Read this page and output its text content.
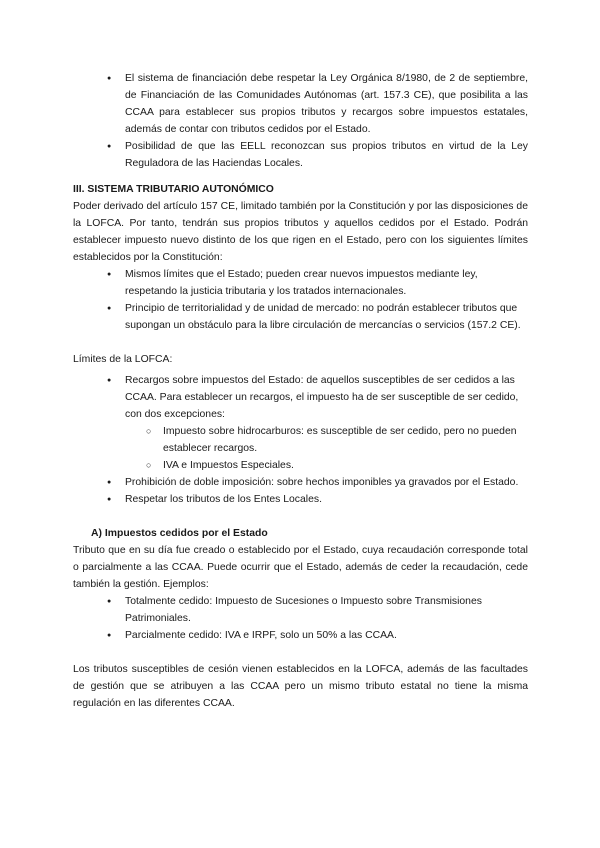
● El sistema de financiación debe respetar la Ley Orgánica 8/1980, de 2 de septiembre, de Financiación de las Comunidades Autónomas (art. 157.3 CE), que posibilita a las CCAA para establecer sus propios tributos y recargos sobre impuestos estatales, además de contar con tributos cedidos por el Estado.
● Posibilidad de que las EELL reconozcan sus propios tributos en virtud de la Ley Reguladora de las Haciendas Locales.

III. SISTEMA TRIBUTARIO AUTONÓMICO

Poder derivado del artículo 157 CE, limitado también por la Constitución y por las disposiciones de la LOFCA. Por tanto, tendrán sus propios tributos y aquellos cedidos por el Estado. Podrán establecer impuesto nuevo distinto de los que rigen en el Estado, pero con los siguientes límites establecidos por la Constitución:

● Mismos límites que el Estado; pueden crear nuevos impuestos mediante ley, respetando la justicia tributaria y los tratados internacionales.
● Principio de territorialidad y de unidad de mercado: no podrán establecer tributos que supongan un obstáculo para la libre circulación de mercancías o servicios (157.2 CE).

Límites de la LOFCA:

● Recargos sobre impuestos del Estado: de aquellos susceptibles de ser cedidos a las CCAA. Para establecer un recargos, el impuesto ha de ser susceptible de ser cedido, con dos excepciones:
○ Impuesto sobre hidrocarburos: es susceptible de ser cedido, pero no pueden establecer recargos.
○ IVA e Impuestos Especiales.
● Prohibición de doble imposición: sobre hechos imponibles ya gravados por el Estado.
● Respetar los tributos de los Entes Locales.

A) Impuestos cedidos por el Estado

Tributo que en su día fue creado o establecido por el Estado, cuya recaudación corresponde total o parcialmente a las CCAA. Puede ocurrir que el Estado, además de ceder la recaudación, cede también la gestión. Ejemplos:

● Totalmente cedido: Impuesto de Sucesiones o Impuesto sobre Transmisiones Patrimoniales.
● Parcialmente cedido: IVA e IRPF, solo un 50% a las CCAA.

Los tributos susceptibles de cesión vienen establecidos en la LOFCA, además de las facultades de gestión que se atribuyen a las CCAA pero un mismo tributo estatal no tiene la misma regulación en las diferentes CCAA.
